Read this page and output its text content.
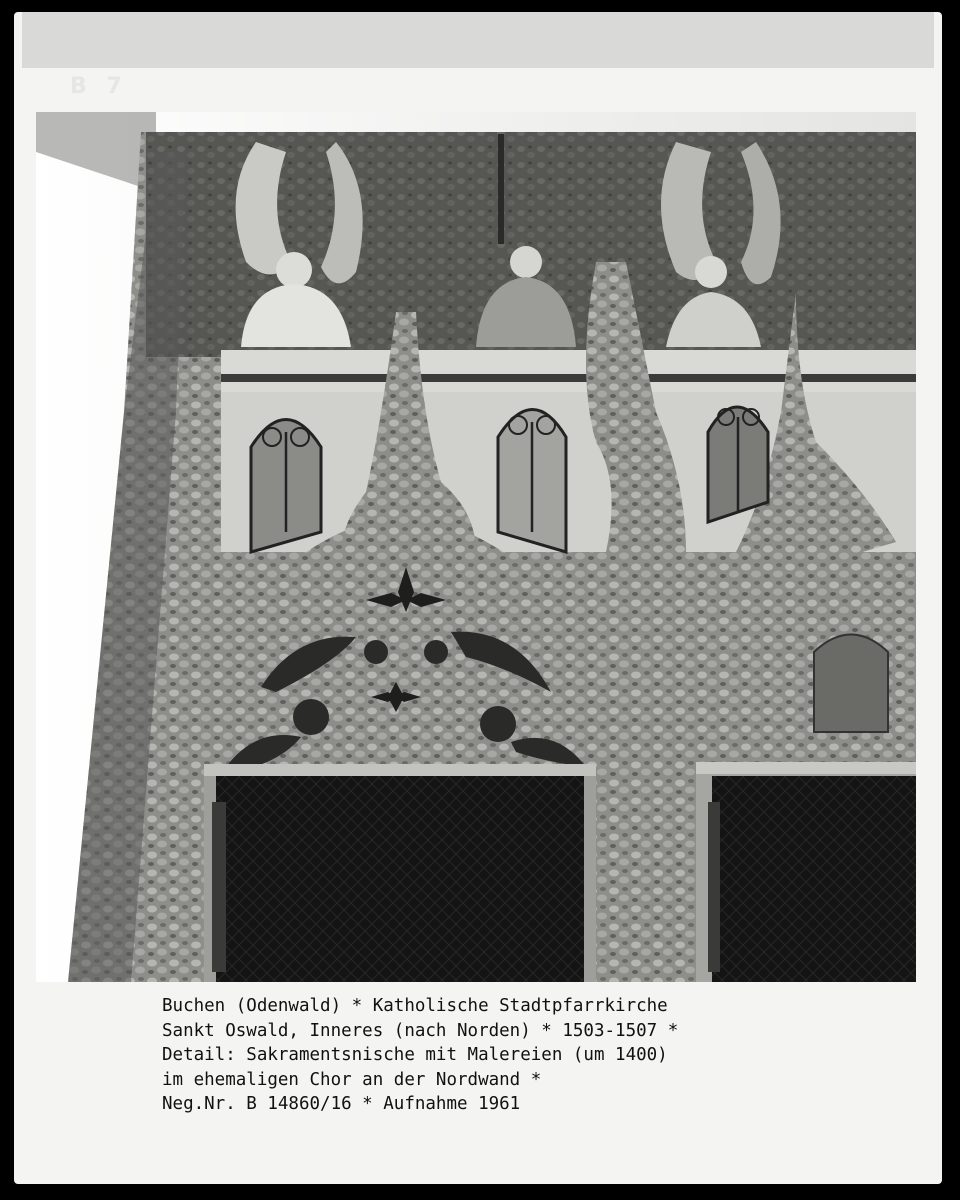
B 7
Buchen (Odenwald) * Katholische Stadtpfarrkirche
Sankt Oswald, Inneres (nach Norden) * 1503-1507 *
Detail: Sakramentsnische mit Malereien (um 1400)
im ehemaligen Chor an der Nordwand *
Neg.Nr. B 14860/16 * Aufnahme 1961
